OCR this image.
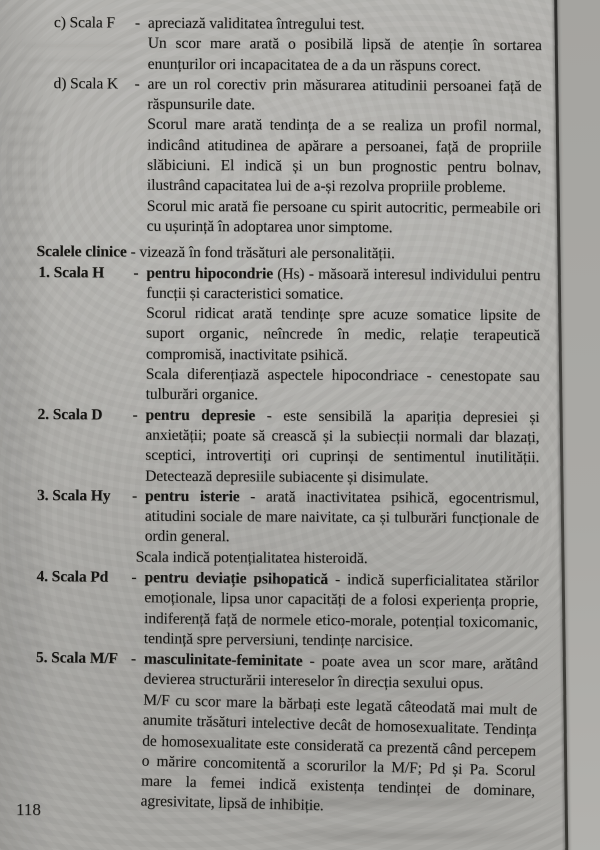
c) Scala F - apreciază validitatea întregului test.

Un scor mare arată o posibilă lipsă de atenție în sortarea enunțurilor ori incapacitatea de a da un răspuns corect.

d) Scala K - are un rol corectiv prin măsurarea atitudinii persoanei față de răspunsurile date.

Scorul mare arată tendința de a se realiza un profil normal, indicând atitudinea de apărare a persoanei, față de propriile slăbiciuni. El indică și un bun prognostic pentru bolnav, ilustrând capacitatea lui de a-și rezolva propriile probleme.

Scorul mic arată fie persoane cu spirit autocritic, permeabile ori cu ușurință în adoptarea unor simptome.

Scalele clinice - vizează în fond trăsături ale personalității.
1. Scala H - pentru hipocondrie (Hs) - măsoară interesul individului pentru funcții și caracteristici somatice.

Scorul ridicat arată tendințe spre acuze somatice lipsite de suport organic, neîncrede în medic, relație terapeutică compromisă, inactivitate psihică.

Scala diferențiază aspectele hipocondriace - cenestopate sau tulburări organice.

2. Scala D - pentru depresie - este sensibilă la apariția depresiei și anxietății; poate să crească și la subiecții normali dar blazați, sceptici, introvertiți ori cuprinși de sentimentul inutilității. Detectează depresiile subiacente și disimulate.

3. Scala Hy - pentru isterie - arată inactivitatea psihică, egocentrismul, atitudini sociale de mare naivitate, ca și tulburări funcționale de ordin general.

Scala indică potențialitatea histeroidă.

4. Scala Pd - pentru deviație psihopatică - indică superficialitatea stărilor emoționale, lipsa unor capacități de a folosi experiența proprie, indiferență față de normele etico-morale, potențial toxicomanic, tendință spre perversiuni, tendințe narcisice.

5. Scala M/F - masculinitate-feminitate - poate avea un scor mare, arătând devierea structurării intereselor în direcția sexului opus.

M/F cu scor mare la bărbați este legată câteodată mai mult de anumite trăsături intelective decât de homosexualitate. Tendința de homosexualitate este considerată ca prezentă când percepem o mărire concomitentă a scorurilor la M/F; Pd și Pa. Scorul mare la femei indică existența tendinței de dominare, agresivitate, lipsă de inhibiție.

118
